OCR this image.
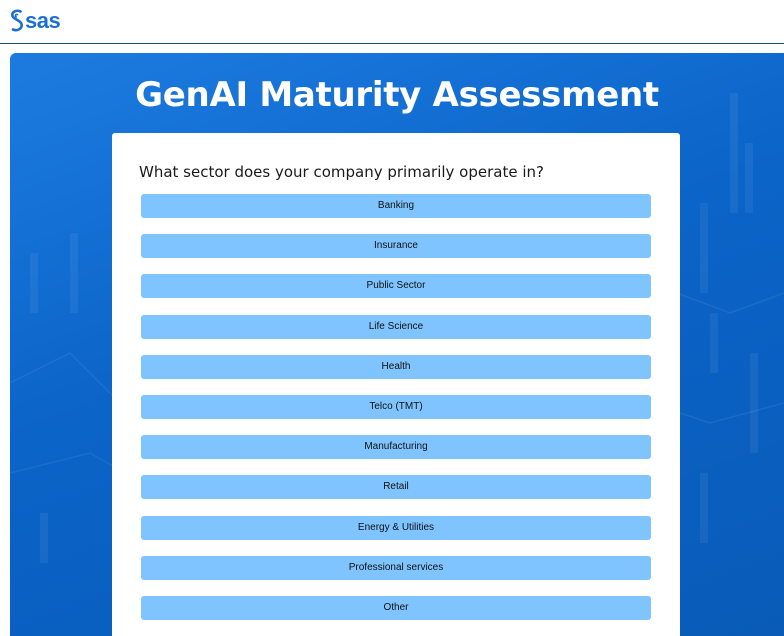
sas
GenAI Maturity Assessment
What sector does your company primarily operate in?
Banking
Insurance
Public Sector
Life Science
Health
Telco (TMT)
Manufacturing
Retail
Energy & Utilities
Professional services
Other
